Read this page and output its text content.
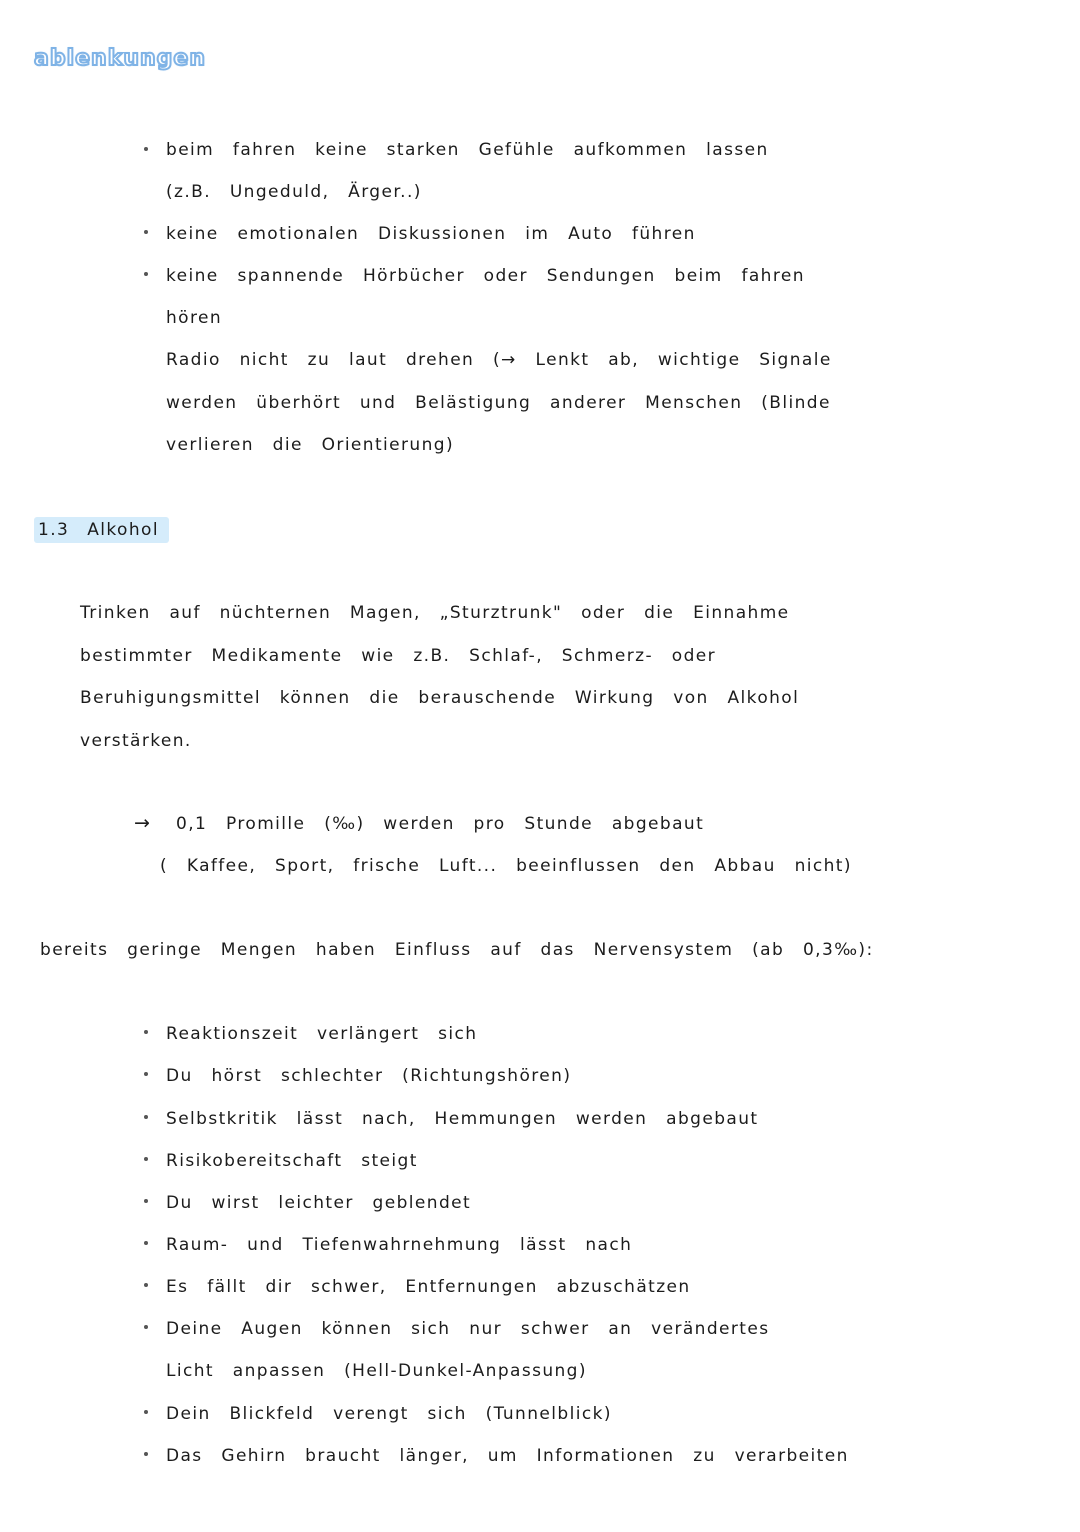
ablenkungen
beim fahren keine starken Gefühle aufkommen lassen
(z.B. Ungeduld, Ärger..)
keine emotionalen Diskussionen im Auto führen
keine spannende Hörbücher oder Sendungen beim fahren
hören
Radio nicht zu laut drehen (→ Lenkt ab, wichtige Signale
werden überhört und Belästigung anderer Menschen (Blinde
verlieren die Orientierung)
1.3 Alkohol
Trinken auf nüchternen Magen, „Sturztrunk" oder die Einnahme
bestimmter Medikamente wie z.B. Schlaf-, Schmerz- oder
Beruhigungsmittel können die berauschende Wirkung von Alkohol
verstärken.
→ 0,1 Promille (‰) werden pro Stunde abgebaut
( Kaffee, Sport, frische Luft... beeinflussen den Abbau nicht)
bereits geringe Mengen haben Einfluss auf das Nervensystem (ab 0,3‰):
Reaktionszeit verlängert sich
Du hörst schlechter (Richtungshören)
Selbstkritik lässt nach, Hemmungen werden abgebaut
Risikobereitschaft steigt
Du wirst leichter geblendet
Raum- und Tiefenwahrnehmung lässt nach
Es fällt dir schwer, Entfernungen abzuschätzen
Deine Augen können sich nur schwer an verändertes
Licht anpassen (Hell-Dunkel-Anpassung)
Dein Blickfeld verengt sich (Tunnelblick)
Das Gehirn braucht länger, um Informationen zu verarbeiten
